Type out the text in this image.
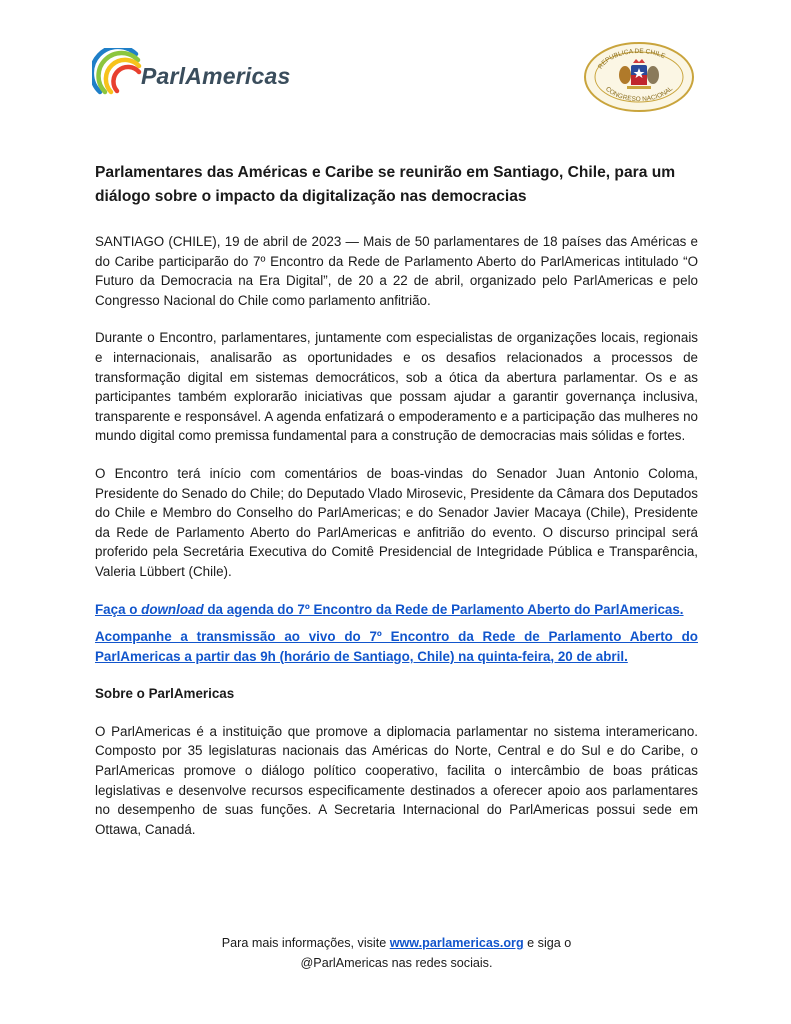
ParlAmericas	REPUBLICA DE CHILE
CONGRESO NACIONAL
Parlamentares das Américas e Caribe se reunirão em Santiago, Chile, para um diálogo sobre o impacto da digitalização nas democracias

SANTIAGO (CHILE), 19 de abril de 2023 — Mais de 50 parlamentares de 18 países das Américas e do Caribe participarão do 7º Encontro da Rede de Parlamento Aberto do ParlAmericas intitulado “O Futuro da Democracia na Era Digital”, de 20 a 22 de abril, organizado pelo ParlAmericas e pelo Congresso Nacional do Chile como parlamento anfitrião.

Durante o Encontro, parlamentares, juntamente com especialistas de organizações locais, regionais e internacionais, analisarão as oportunidades e os desafios relacionados a processos de transformação digital em sistemas democráticos, sob a ótica da abertura parlamentar. Os e as participantes também explorarão iniciativas que possam ajudar a garantir governança inclusiva, transparente e responsável. A agenda enfatizará o empoderamento e a participação das mulheres no mundo digital como premissa fundamental para a construção de democracias mais sólidas e fortes.

O Encontro terá início com comentários de boas-vindas do Senador Juan Antonio Coloma, Presidente do Senado do Chile; do Deputado Vlado Mirosevic, Presidente da Câmara dos Deputados do Chile e Membro do Conselho do ParlAmericas; e do Senador Javier Macaya (Chile), Presidente da Rede de Parlamento Aberto do ParlAmericas e anfitrião do evento. O discurso principal será proferido pela Secretária Executiva do Comitê Presidencial de Integridade Pública e Transparência, Valeria Lübbert (Chile).

Faça o download da agenda do 7º Encontro da Rede de Parlamento Aberto do ParlAmericas.

Acompanhe a transmissão ao vivo do 7º Encontro da Rede de Parlamento Aberto do ParlAmericas a partir das 9h (horário de Santiago, Chile) na quinta-feira, 20 de abril.

Sobre o ParlAmericas

O ParlAmericas é a instituição que promove a diplomacia parlamentar no sistema interamericano. Composto por 35 legislaturas nacionais das Américas do Norte, Central e do Sul e do Caribe, o ParlAmericas promove o diálogo político cooperativo, facilita o intercâmbio de boas práticas legislativas e desenvolve recursos especificamente destinados a oferecer apoio aos parlamentares no desempenho de suas funções. A Secretaria Internacional do ParlAmericas possui sede em Ottawa, Canadá.

Para mais informações, visite www.parlamericas.org e siga o
@ParlAmericas nas redes sociais.
